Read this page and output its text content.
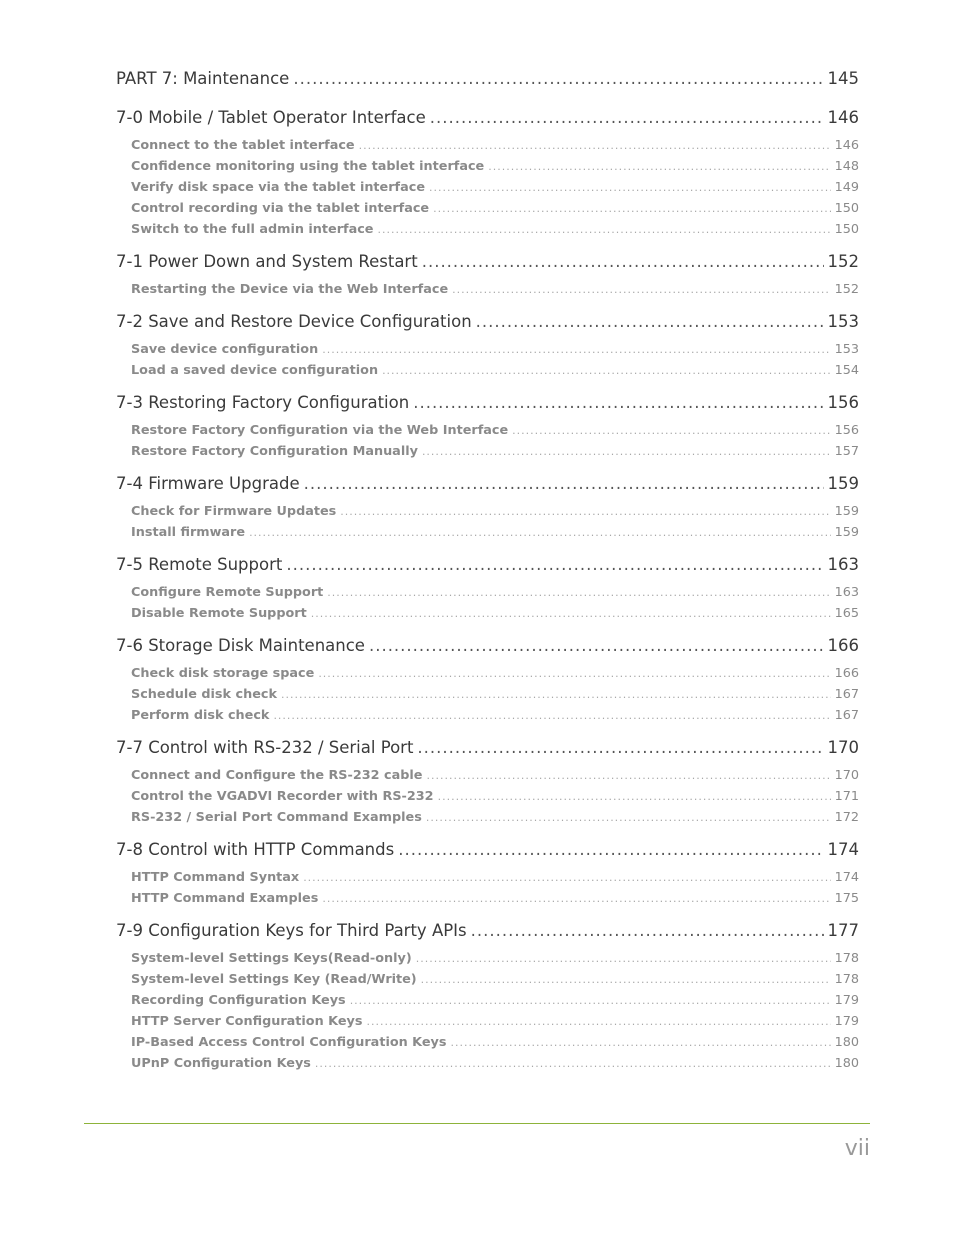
PART 7: Maintenance .....	145
7-0 Mobile / Tablet Operator Interface .....	146
Connect to the tablet interface .....	146
Confidence monitoring using the tablet interface .....	148
Verify disk space via the tablet interface .....	149
Control recording via the tablet interface .....	150
Switch to the full admin interface .....	150
7-1 Power Down and System Restart .....	152
Restarting the Device via the Web Interface .....	152
7-2 Save and Restore Device Configuration .....	153
Save device configuration .....	153
Load a saved device configuration .....	154
7-3 Restoring Factory Configuration .....	156
Restore Factory Configuration via the Web Interface .....	156
Restore Factory Configuration Manually .....	157
7-4 Firmware Upgrade .....	159
Check for Firmware Updates .....	159
Install firmware .....	159
7-5 Remote Support .....	163
Configure Remote Support .....	163
Disable Remote Support .....	165
7-6 Storage Disk Maintenance .....	166
Check disk storage space .....	166
Schedule disk check .....	167
Perform disk check .....	167
7-7 Control with RS-232 / Serial Port .....	170
Connect and Configure the RS-232 cable .....	170
Control the VGADVI Recorder with RS-232 .....	171
RS-232 / Serial Port Command Examples .....	172
7-8 Control with HTTP Commands .....	174
HTTP Command Syntax .....	174
HTTP Command Examples .....	175
7-9 Configuration Keys for Third Party APIs .....	177
System-level Settings Keys(Read-only) .....	178
System-level Settings Key (Read/Write) .....	178
Recording Configuration Keys .....	179
HTTP Server Configuration Keys .....	179
IP-Based Access Control Configuration Keys .....	180
UPnP Configuration Keys .....	180
vii
